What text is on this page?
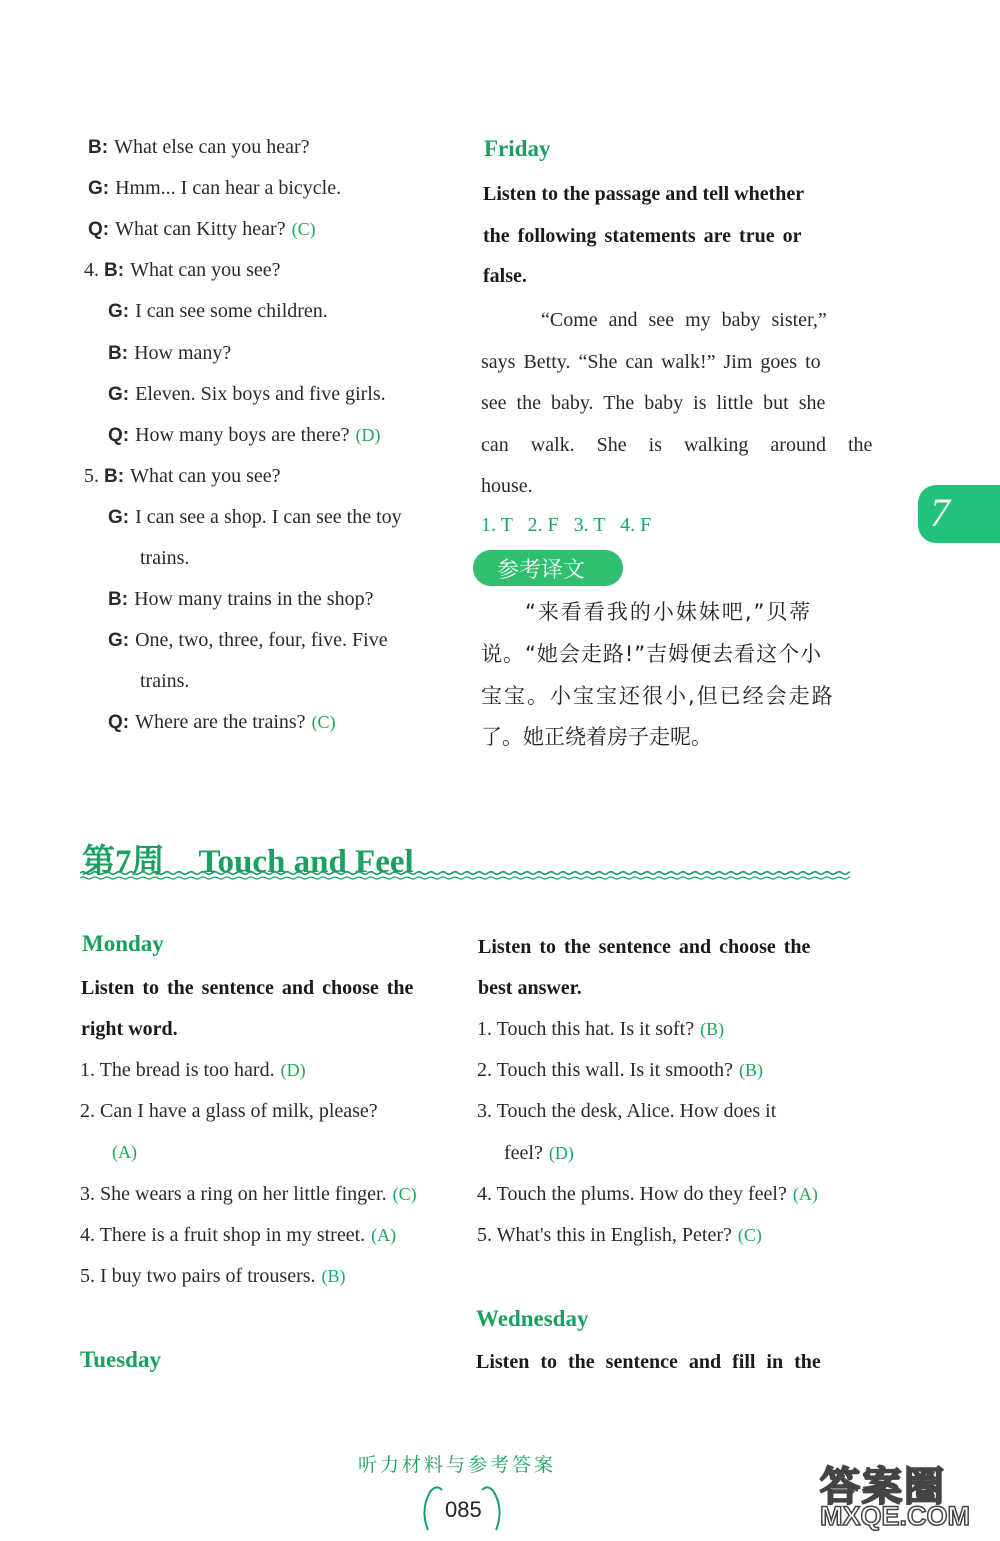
B: What else can you hear?
G: Hmm... I can hear a bicycle.
Q: What can Kitty hear? (C)
4. B: What can you see?
G: I can see some children.
B: How many?
G: Eleven. Six boys and five girls.
Q: How many boys are there? (D)
5. B: What can you see?
G: I can see a shop. I can see the toy
trains.
B: How many trains in the shop?
G: One, two, three, four, five. Five
trains.
Q: Where are the trains? (C)
Friday
Listen to the passage and tell whether
the following statements are true or
false.
“Come and see my baby sister,”
says Betty. “She can walk!” Jim goes to
see the baby. The baby is little but she
can walk. She is walking around the
house.
1. T   2. F   3. T   4. F
参考译文
“来看看我的小妹妹吧,”贝蒂
说。“她会走路!”吉姆便去看这个小
宝宝。小宝宝还很小,但已经会走路
了。她正绕着房子走呢。
7
第7周 Touch and Feel
Monday
Listen to the sentence and choose the
right word.
1. The bread is too hard. (D)
2. Can I have a glass of milk, please?
(A)
3. She wears a ring on her little finger. (C)
4. There is a fruit shop in my street. (A)
5. I buy two pairs of trousers. (B)
Tuesday
Listen to the sentence and choose the
best answer.
1. Touch this hat. Is it soft? (B)
2. Touch this wall. Is it smooth? (B)
3. Touch the desk, Alice. How does it
feel? (D)
4. Touch the plums. How do they feel? (A)
5. What's this in English, Peter? (C)
Wednesday
Listen to the sentence and fill in the
听力材料与参考答案
085	答案圈
MXQE.COM
